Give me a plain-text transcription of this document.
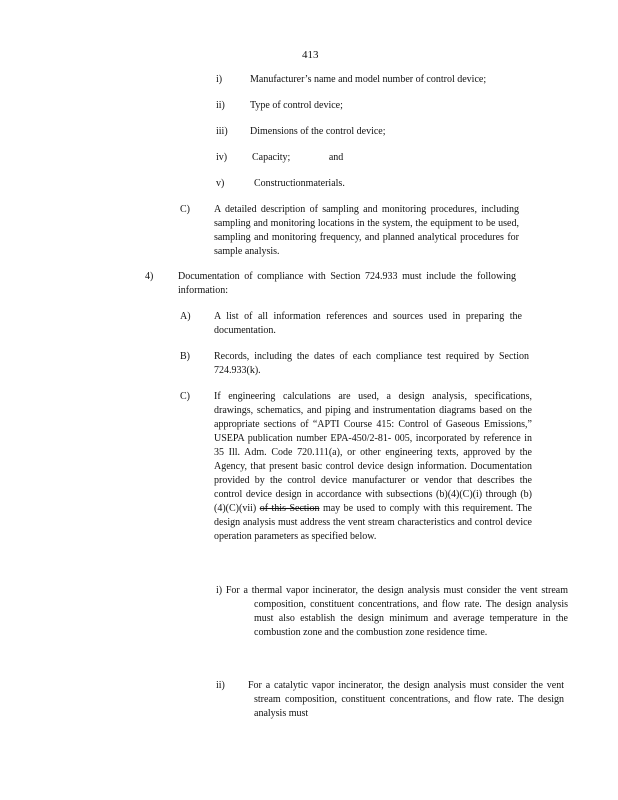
413
i)	Manufacturer’s name and model number of control device;
ii)	Type of control device;
iii)	Dimensions of the control device;
iv)	Capacity; and
v)	Constructionmaterials.
C)	A detailed description of sampling and monitoring procedures, including sampling and monitoring locations in the system, the equipment to be used, sampling and monitoring frequency, and planned analytical procedures for sample analysis.
4)	Documentation of compliance with Section 724.933 must include the following information:
A)	A list of all information references and sources used in preparing the documentation.
B)	Records, including the dates of each compliance test required by Section 724.933(k).
C)	If engineering calculations are used, a design analysis, specifications, drawings, schematics, and piping and instrumentation diagrams based on the appropriate sections of “APTI Course 415: Control of Gaseous Emissions,” USEPA publication number EPA-450/2-81- 005, incorporated by reference in 35 Ill. Adm. Code 720.111(a), or other engineering texts, approved by the Agency, that present basic control device design information. Documentation provided by the control device manufacturer or vendor that describes the control device design in accordance with subsections (b)(4)(C)(i) through (b)(4)(C)(vii) of this Section may be used to comply with this requirement. The design analysis must address the vent stream characteristics and control device operation parameters as specified below.
i) For a thermal vapor incinerator, the design analysis must consider the vent stream composition, constituent concentrations, and flow rate. The design analysis must also establish the design minimum and average temperature in the combustion zone and the combustion zone residence time.
ii) For a catalytic vapor incinerator, the design analysis must consider the vent stream composition, constituent concentrations, and flow rate. The design analysis must
